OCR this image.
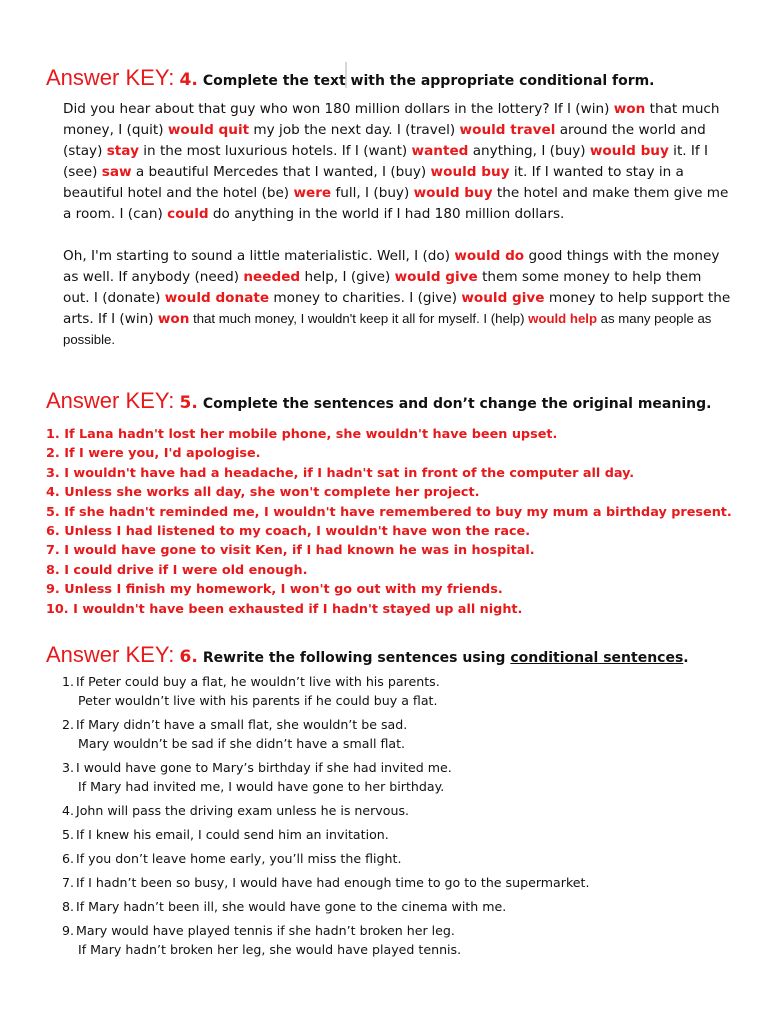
Answer KEY: 4. Complete the text with the appropriate conditional form.
Did you hear about that guy who won 180 million dollars in the lottery? If I (win) won that much money, I (quit) would quit my job the next day. I (travel) would travel around the world and (stay) stay in the most luxurious hotels. If I (want) wanted anything, I (buy) would buy it. If I (see) saw a beautiful Mercedes that I wanted, I (buy) would buy it. If I wanted to stay in a beautiful hotel and the hotel (be) were full, I (buy) would buy the hotel and make them give me a room. I (can) could do anything in the world if I had 180 million dollars.
Oh, I'm starting to sound a little materialistic. Well, I (do) would do good things with the money as well. If anybody (need) needed help, I (give) would give them some money to help them out. I (donate) would donate money to charities. I (give) would give money to help support the arts. If I (win) won that much money, I wouldn't keep it all for myself. I (help) would help as many people as possible.
Answer KEY: 5. Complete the sentences and don’t change the original meaning.
1. If Lana hadn't lost her mobile phone, she wouldn't have been upset.
2. If I were you, I'd apologise.
3. I wouldn't have had a headache, if I hadn't sat in front of the computer all day.
4. Unless she works all day, she won't complete her project.
5. If she hadn't reminded me, I wouldn't have remembered to buy my mum a birthday present.
6. Unless I had listened to my coach, I wouldn't have won the race.
7. I would have gone to visit Ken, if I had known he was in hospital.
8. I could drive if I were old enough.
9. Unless I finish my homework, I won't go out with my friends.
10. I wouldn't have been exhausted if I hadn't stayed up all night.
Answer KEY: 6. Rewrite the following sentences using conditional sentences.
1. If Peter could buy a flat, he wouldn’t live with his parents.
Peter wouldn’t live with his parents if he could buy a flat.
2. If Mary didn’t have a small flat, she wouldn’t be sad.
Mary wouldn’t be sad if she didn’t have a small flat.
3. I would have gone to Mary’s birthday if she had invited me.
If Mary had invited me, I would have gone to her birthday.
4. John will pass the driving exam unless he is nervous.
5. If I knew his email, I could send him an invitation.
6. If you don’t leave home early, you’ll miss the flight.
7. If I hadn’t been so busy, I would have had enough time to go to the supermarket.
8. If Mary hadn’t been ill, she would have gone to the cinema with me.
9. Mary would have played tennis if she hadn’t broken her leg.
If Mary hadn’t broken her leg, she would have played tennis.
